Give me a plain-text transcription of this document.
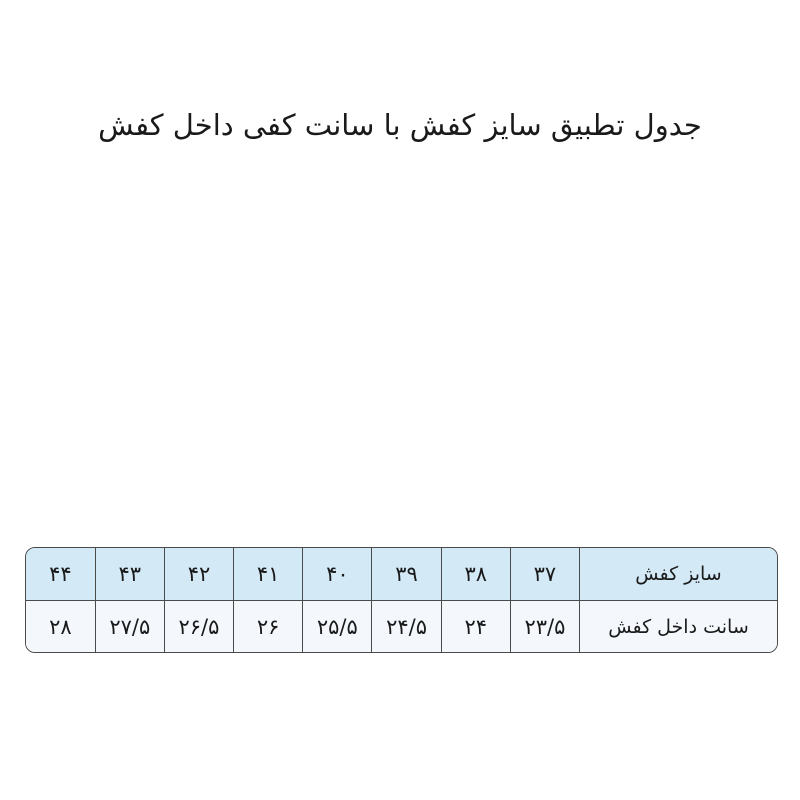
جدول تطبیق سایز کفش با سانت کفی داخل کفش
سایز کفش	۳۷	۳۸	۳۹	۴۰	۴۱	۴۲	۴۳	۴۴
سانت داخل کفش	۲۳/۵	۲۴	۲۴/۵	۲۵/۵	۲۶	۲۶/۵	۲۷/۵	۲۸
